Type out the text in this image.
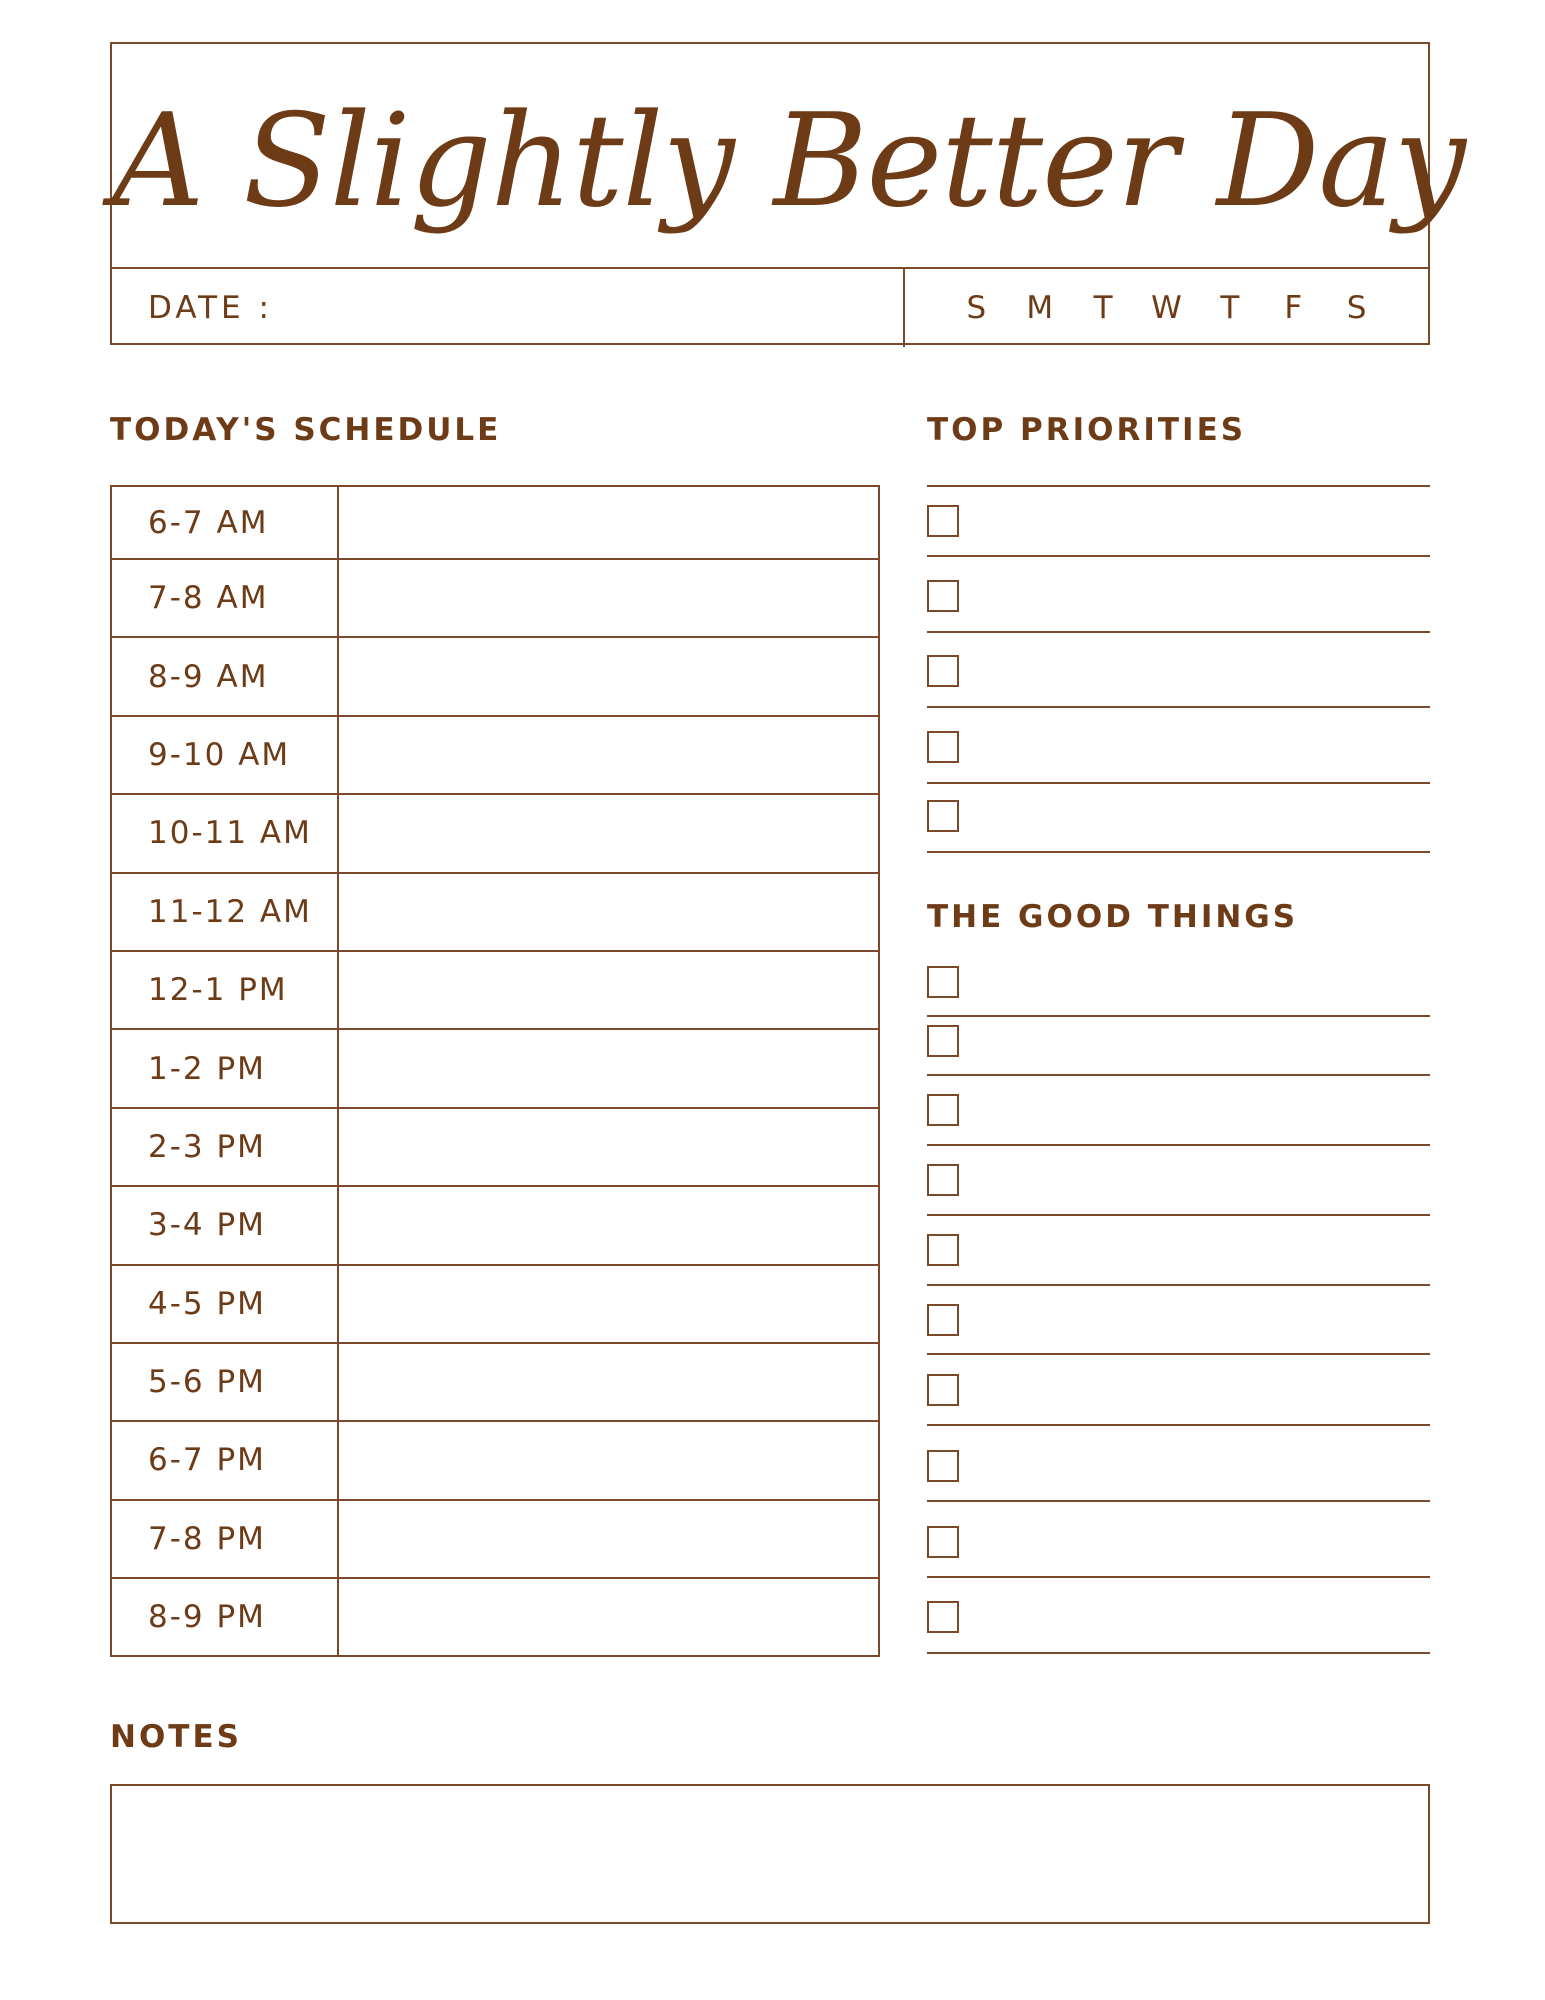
A Slightly Better Day
DATE :	S	M	T	W	T	F	S
TODAY'S SCHEDULE	TOP PRIORITIES
THE GOOD THINGS
NOTES
6-7 AM
7-8 AM
8-9 AM
9-10 AM
10-11 AM
11-12 AM
12-1 PM
1-2 PM
2-3 PM
3-4 PM
4-5 PM
5-6 PM
6-7 PM
7-8 PM
8-9 PM
